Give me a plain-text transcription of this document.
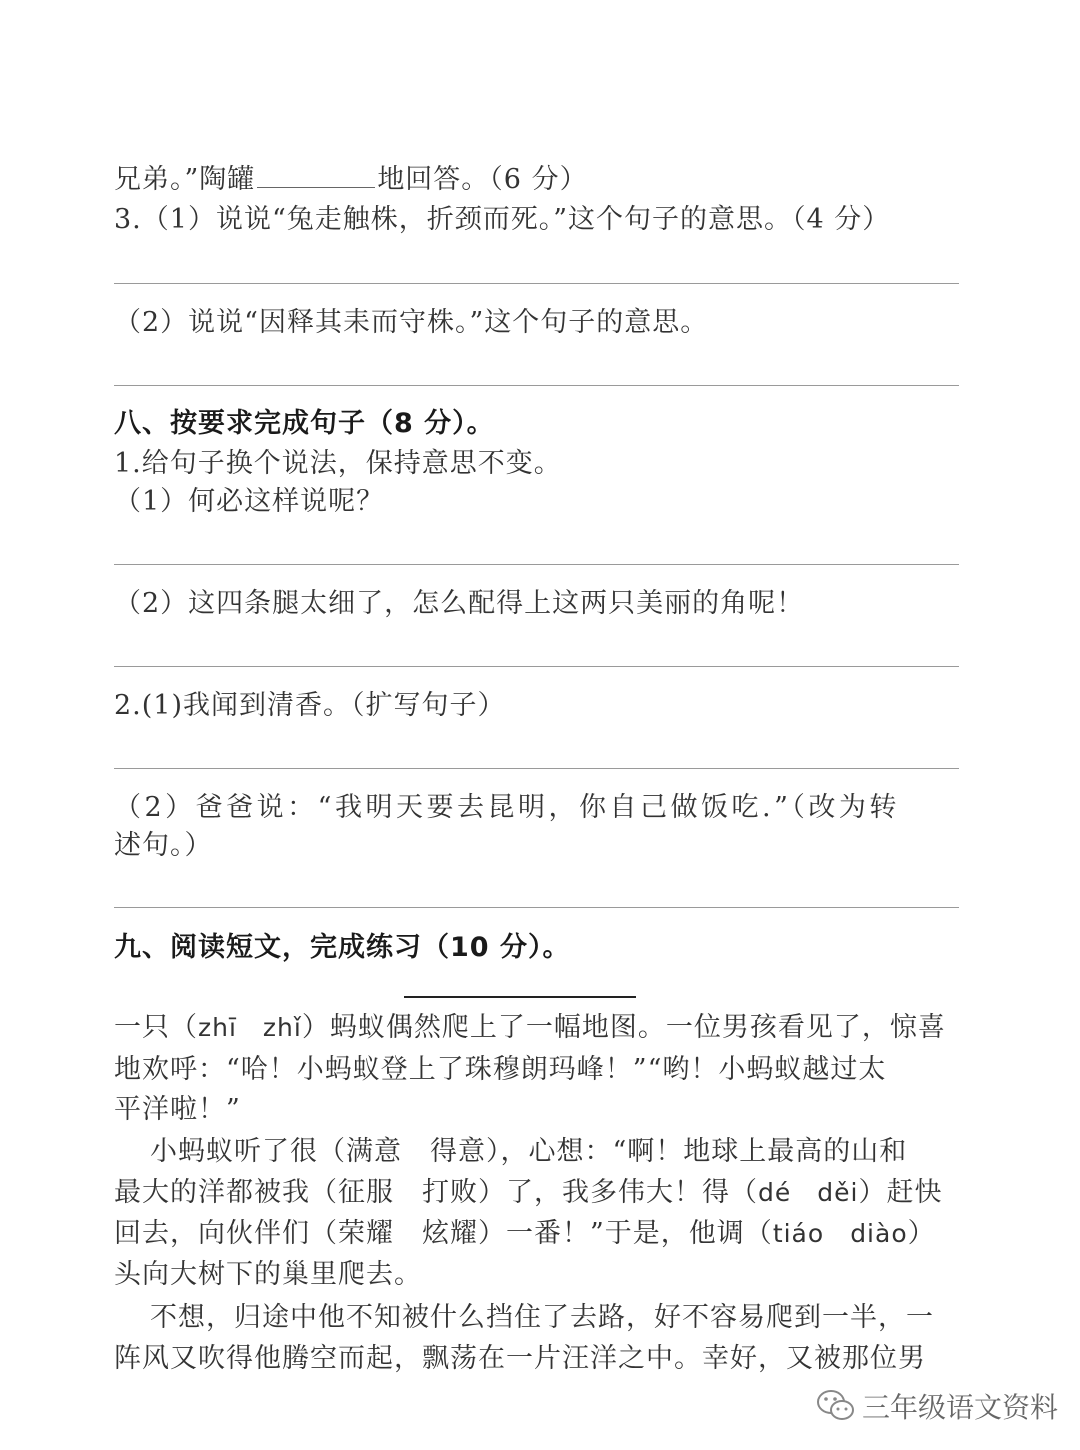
兄弟。”陶罐	地回答。（6 分）
3.（1）说说“兔走触株，折颈而死。”这个句子的意思。（4 分）
（2）说说“因释其耒而守株。”这个句子的意思。
八、按要求完成句子（8 分）。
1.给句子换个说法，保持意思不变。
（1）何必这样说呢？
（2）这四条腿太细了，怎么配得上这两只美丽的角呢！
2.(1)我闻到清香。（扩写句子）
（2）爸爸说：“我明天要去昆明，你自己做饭吃.”（改为转
述句。）
九、阅读短文，完成练习（10 分）。
一只（zhī zhǐ）蚂蚁偶然爬上了一幅地图。一位男孩看见了，惊喜
地欢呼：“哈！小蚂蚁登上了珠穆朗玛峰！”“哟！小蚂蚁越过太
平洋啦！”
小蚂蚁听了很（满意　得意），心想：“啊！地球上最高的山和
最大的洋都被我（征服　打败）了，我多伟大！得（dé děi）赶快
回去，向伙伴们（荣耀　炫耀）一番！”于是，他调（tiáo diào）
头向大树下的巢里爬去。
不想，归途中他不知被什么挡住了去路，好不容易爬到一半，一
阵风又吹得他腾空而起，飘荡在一片汪洋之中。幸好，又被那位男
三年级语文资料
